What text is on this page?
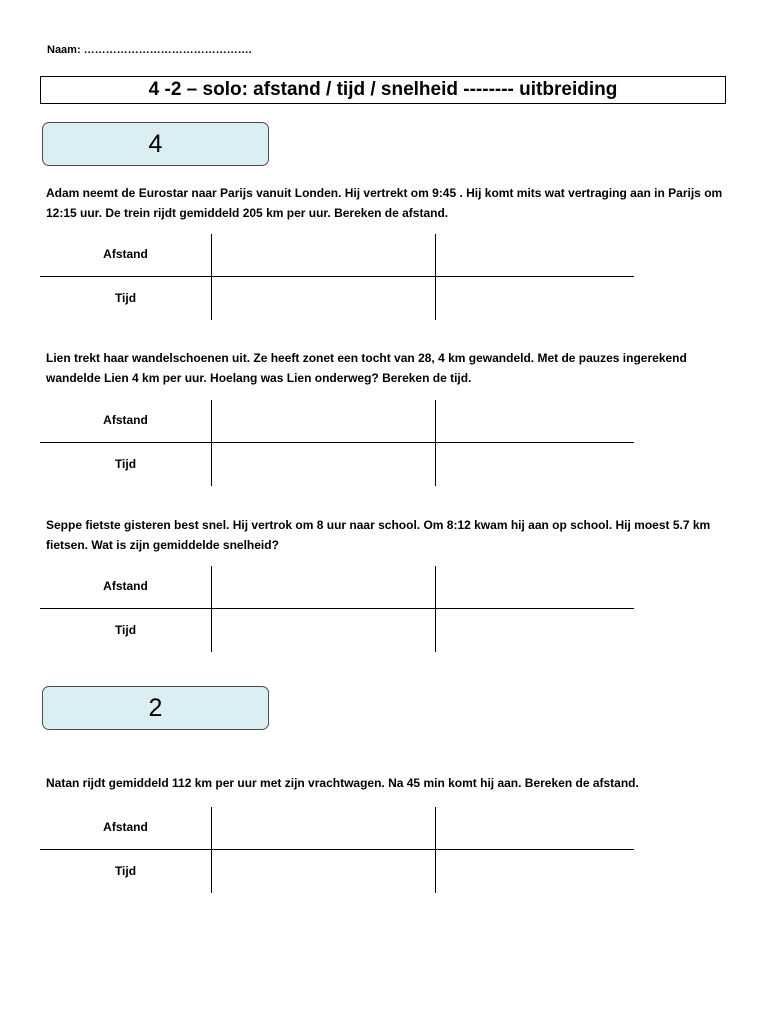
Naam: ……………………………………….
4 -2 – solo: afstand / tijd / snelheid -------- uitbreiding
4
Adam neemt de Eurostar naar Parijs vanuit Londen. Hij vertrekt om 9:45 . Hij komt mits wat vertraging aan in Parijs om 12:15 uur. De trein rijdt gemiddeld 205 km per uur. Bereken de afstand.
Afstand
Tijd
Lien trekt haar wandelschoenen uit. Ze heeft zonet een tocht van 28, 4 km gewandeld. Met de pauzes ingerekend wandelde Lien 4 km per uur. Hoelang was Lien onderweg? Bereken de tijd.
Afstand
Tijd
Seppe fietste gisteren best snel. Hij vertrok om 8 uur naar school. Om 8:12 kwam hij aan op school. Hij moest 5.7 km fietsen. Wat is zijn gemiddelde snelheid?
Afstand
Tijd
2
Natan rijdt gemiddeld 112 km per uur met zijn vrachtwagen. Na 45 min komt hij aan. Bereken de afstand.
Afstand
Tijd
